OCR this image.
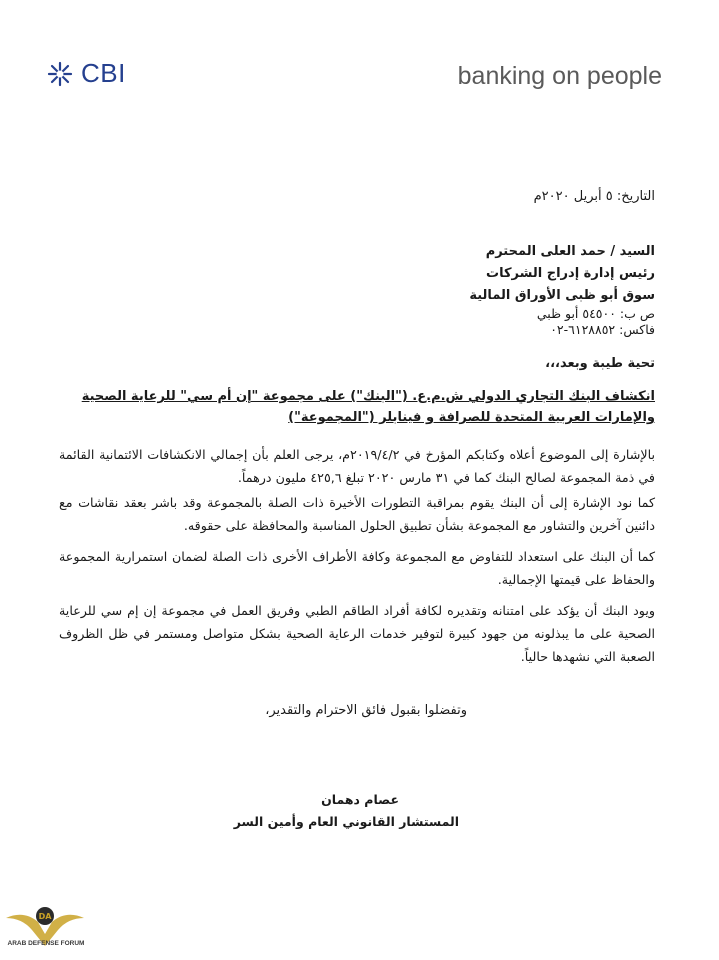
CBI	banking on people
التاريخ: ٥ أبريل ٢٠٢٠م
السيد / حمد العلى المحترم
رئيس إدارة إدراج الشركات
سوق أبو ظبى الأوراق المالية
ص ب: ٥٤٥٠٠ أبو ظبي
فاكس: ٦١٢٨٨٥٢-٠٢
تحية طيبة وبعد،،،
انكشاف البنك التجاري الدولي ش.م.ع. ("البنك") على مجموعة "إن أم سي" للرعاية الصحية والإمارات العربية المتحدة للصرافة و فينابلر ("المجموعة")
بالإشارة إلى الموضوع أعلاه وكتابكم المؤرخ في ٢٠١٩/٤/٢م، يرجى العلم بأن إجمالي الانكشافات الائتمانية القائمة في ذمة المجموعة لصالح البنك كما في ٣١ مارس ٢٠٢٠ تبلغ ٤٢٥,٦ مليون درهماً.
كما نود الإشارة إلى أن البنك يقوم بمراقبة التطورات الأخيرة ذات الصلة بالمجموعة وقد باشر بعقد نقاشات مع دائنين آخرين والتشاور مع المجموعة بشأن تطبيق الحلول المناسبة والمحافظة على حقوقه.
كما أن البنك على استعداد للتفاوض مع المجموعة وكافة الأطراف الأخرى ذات الصلة لضمان استمرارية المجموعة والحفاظ على قيمتها الإجمالية.
ويود البنك أن يؤكد على امتنانه وتقديره لكافة أفراد الطاقم الطبي وفريق العمل في مجموعة إن إم سي للرعاية الصحية على ما يبذلونه من جهود كبيرة لتوفير خدمات الرعاية الصحية بشكل متواصل ومستمر في ظل الظروف الصعبة التي نشهدها حالياً.
وتفضلوا بقبول فائق الاحترام والتقدير،
عصام دهمان
المستشار القانوني العام وأمين السر
DA
ARAB DEFENSE FORUM
